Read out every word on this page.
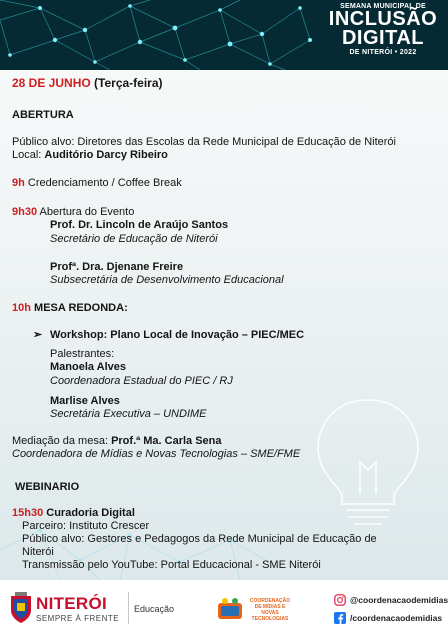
SEMANA MUNICIPAL DE
INCLUSÃO
DIGITAL
DE NITERÓI • 2022
28 DE JUNHO (Terça-feira)
ABERTURA
Público alvo: Diretores das Escolas da Rede Municipal de Educação de Niterói
Local: Auditório Darcy Ribeiro
9h Credenciamento / Coffee Break
9h30 Abertura do Evento
Prof. Dr. Lincoln de Araújo Santos
Secretário de Educação de Niterói
Profª. Dra. Djenane Freire
Subsecretária de Desenvolvimento Educacional
10h MESA REDONDA:
➢ Workshop: Plano Local de Inovação – PIEC/MEC
Palestrantes:
Manoela Alves
Coordenadora Estadual do PIEC / RJ
Marlise Alves
Secretária Executiva – UNDIME
Mediação da mesa: Prof.ª Ma. Carla Sena
Coordenadora de Mídias e Novas Tecnologias – SME/FME
WEBINARIO
15h30 Curadoria Digital
Parceiro: Instituto Crescer
Público alvo: Gestores e Pedagogos da Rede Municipal de Educação de
Niterói
Transmissão pelo YouTube: Portal Educacional - SME Niterói
NITERÓI
SEMPRE À FRENTE
Educação
COORDENAÇÃO
DE MÍDIAS E NOVAS
TECNOLOGIAS
@coordenacaodemidias
/coordenacaodemidias
